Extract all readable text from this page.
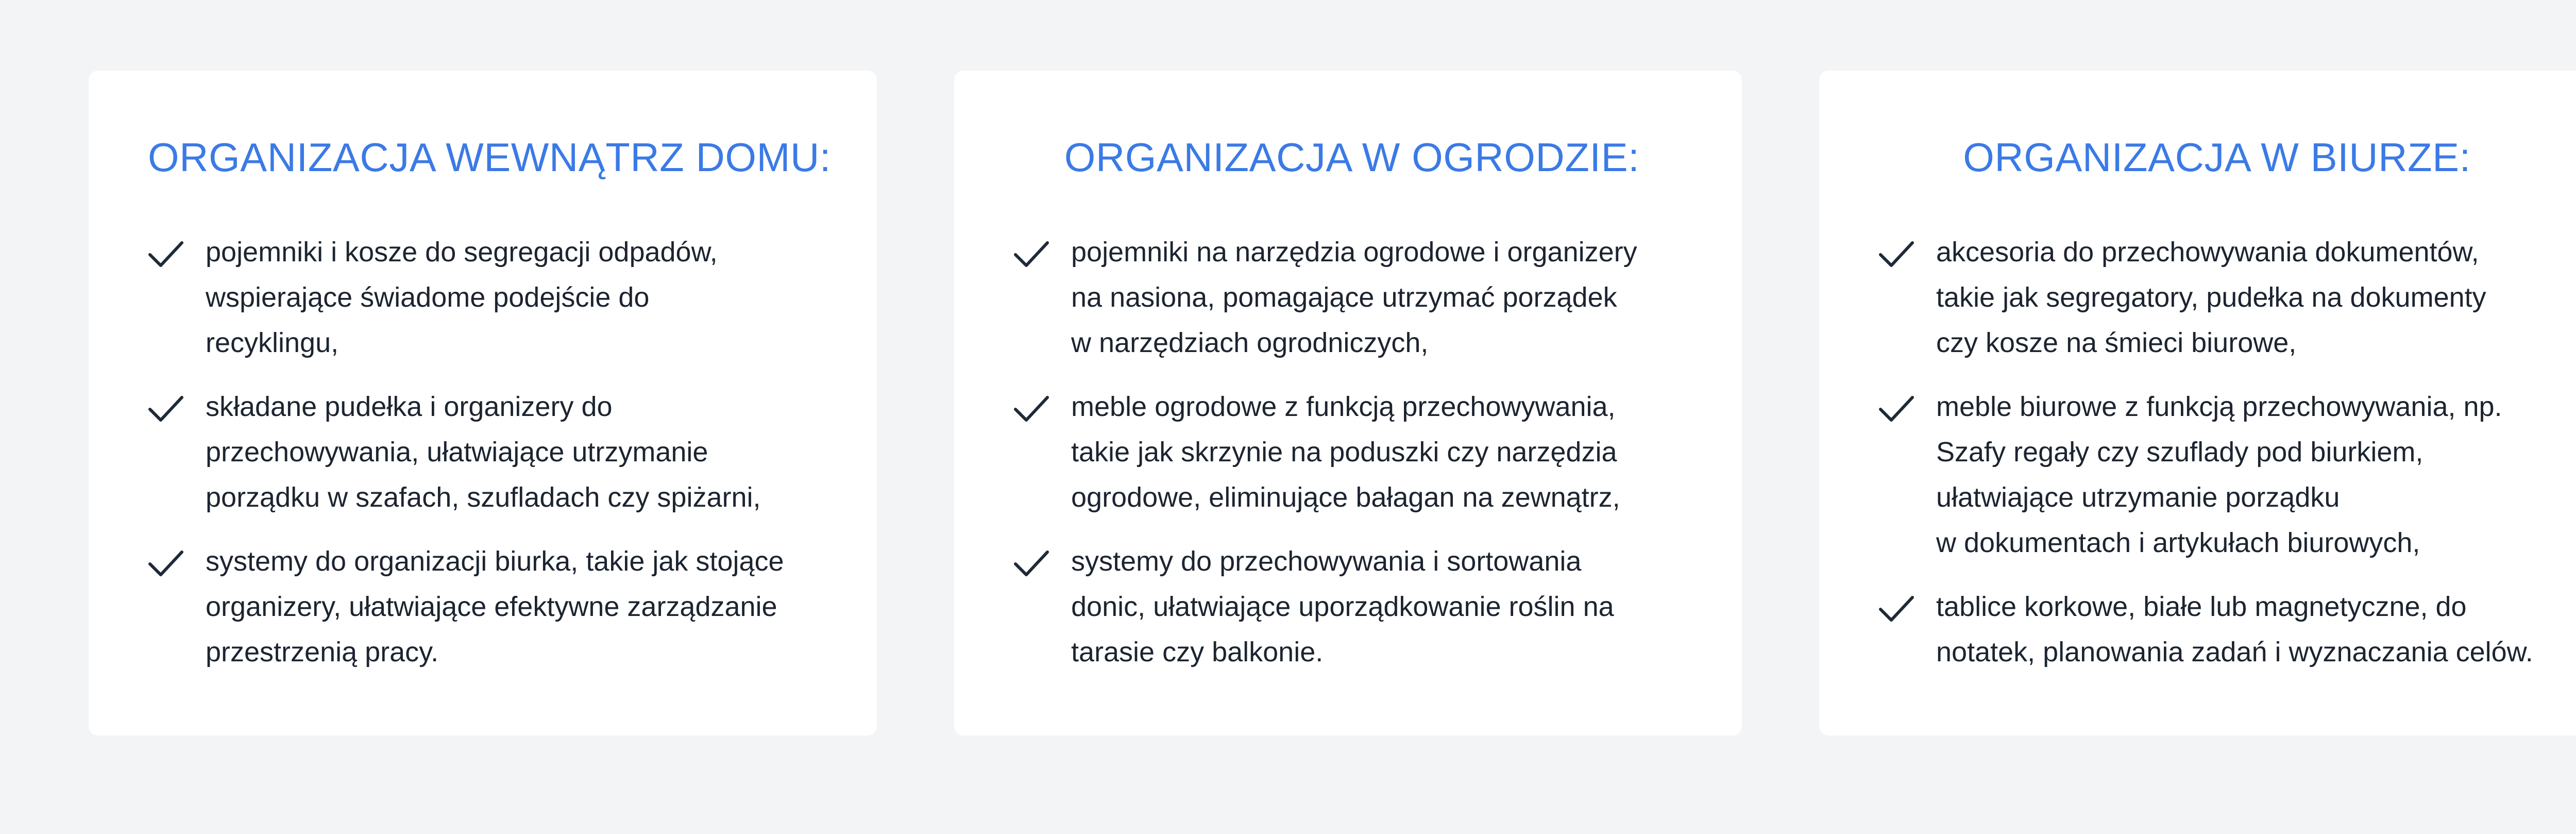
ORGANIZACJA WEWNĄTRZ DOMU:
pojemniki i kosze do segregacji odpadów,
wspierające świadome podejście do
recyklingu,
składane pudełka i organizery do
przechowywania, ułatwiające utrzymanie
porządku w szafach, szufladach czy spiżarni,
systemy do organizacji biurka, takie jak stojące
organizery, ułatwiające efektywne zarządzanie
przestrzenią pracy.
ORGANIZACJA W OGRODZIE:
pojemniki na narzędzia ogrodowe i organizery
na nasiona, pomagające utrzymać porządek
w narzędziach ogrodniczych,
meble ogrodowe z funkcją przechowywania,
takie jak skrzynie na poduszki czy narzędzia
ogrodowe, eliminujące bałagan na zewnątrz,
systemy do przechowywania i sortowania
donic, ułatwiające uporządkowanie roślin na
tarasie czy balkonie.
ORGANIZACJA W BIURZE:
akcesoria do przechowywania dokumentów,
takie jak segregatory, pudełka na dokumenty
czy kosze na śmieci biurowe,
meble biurowe z funkcją przechowywania, np.
Szafy regały czy szuflady pod biurkiem,
ułatwiające utrzymanie porządku
w dokumentach i artykułach biurowych,
tablice korkowe, białe lub magnetyczne, do
notatek, planowania zadań i wyznaczania celów.
